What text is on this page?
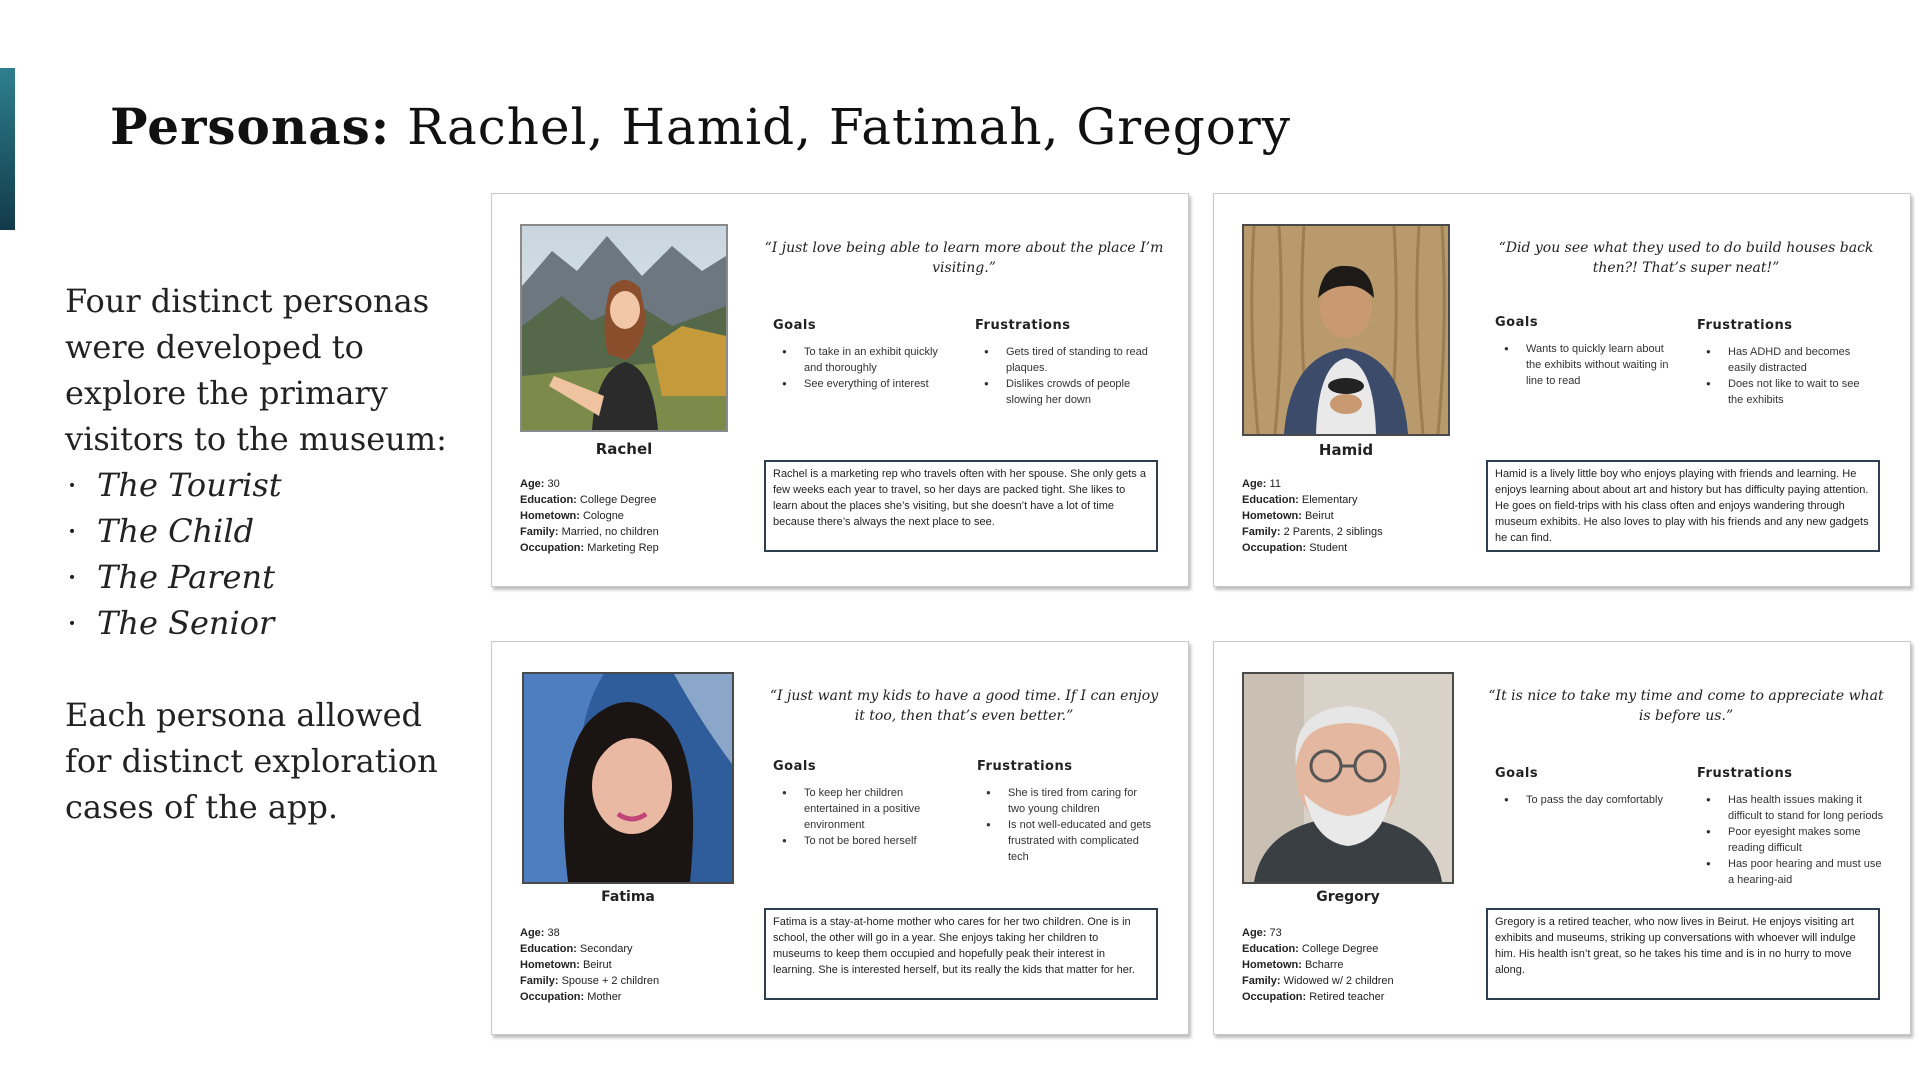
Personas: Rachel, Hamid, Fatimah, Gregory

Four distinct personas were developed to explore the primary visitors to the museum:

· The Tourist
· The Child
· The Parent
· The Senior

Each persona allowed for distinct exploration cases of the app.

Rachel
Age: 30
Education: College Degree
Hometown: Cologne
Family: Married, no children
Occupation: Marketing Rep
“I just love being able to learn more about the place I’m visiting.”
Goals	Frustrations
● To take in an exhibit quickly and thoroughly
● See everything of interest
● Gets tired of standing to read plaques.
● Dislikes crowds of people slowing her down
Rachel is a marketing rep who travels often with her spouse. She only gets a few weeks each year to travel, so her days are packed tight. She likes to learn about the places she’s visiting, but she doesn’t have a lot of time because there’s always the next place to see.
Hamid
Age: 11
Education: Elementary
Hometown: Beirut
Family: 2 Parents, 2 siblings
Occupation: Student
“Did you see what they used to do build houses back then?! That’s super neat!”
Goals	Frustrations
● Wants to quickly learn about the exhibits without waiting in line to read
● Has ADHD and becomes easily distracted
● Does not like to wait to see the exhibits
Hamid is a lively little boy who enjoys playing with friends and learning. He enjoys learning about about art and history but has difficulty paying attention. He goes on field-trips with his class often and enjoys wandering through museum exhibits. He also loves to play with his friends and any new gadgets he can find.
Fatima
Age: 38
Education: Secondary
Hometown: Beirut
Family: Spouse + 2 children
Occupation: Mother
“I just want my kids to have a good time. If I can enjoy it too, then that’s even better.”
Goals	Frustrations
● To keep her children entertained in a positive environment
● To not be bored herself
● She is tired from caring for two young children
● Is not well-educated and gets frustrated with complicated tech
Fatima is a stay-at-home mother who cares for her two children. One is in school, the other will go in a year. She enjoys taking her children to museums to keep them occupied and hopefully peak their interest in learning. She is interested herself, but its really the kids that matter for her.
Gregory
Age: 73
Education: College Degree
Hometown: Bcharre
Family: Widowed w/ 2 children
Occupation: Retired teacher
“It is nice to take my time and come to appreciate what is before us.”
Goals	Frustrations
● To pass the day comfortably
●	Has health issues making it difficult to stand for long periods
● Poor eyesight makes some reading difficult
● Has poor hearing and must use a hearing-aid
Gregory is a retired teacher, who now lives in Beirut. He enjoys visiting art exhibits and museums, striking up conversations with whoever will indulge him. His health isn’t great, so he takes his time and is in no hurry to move along.
